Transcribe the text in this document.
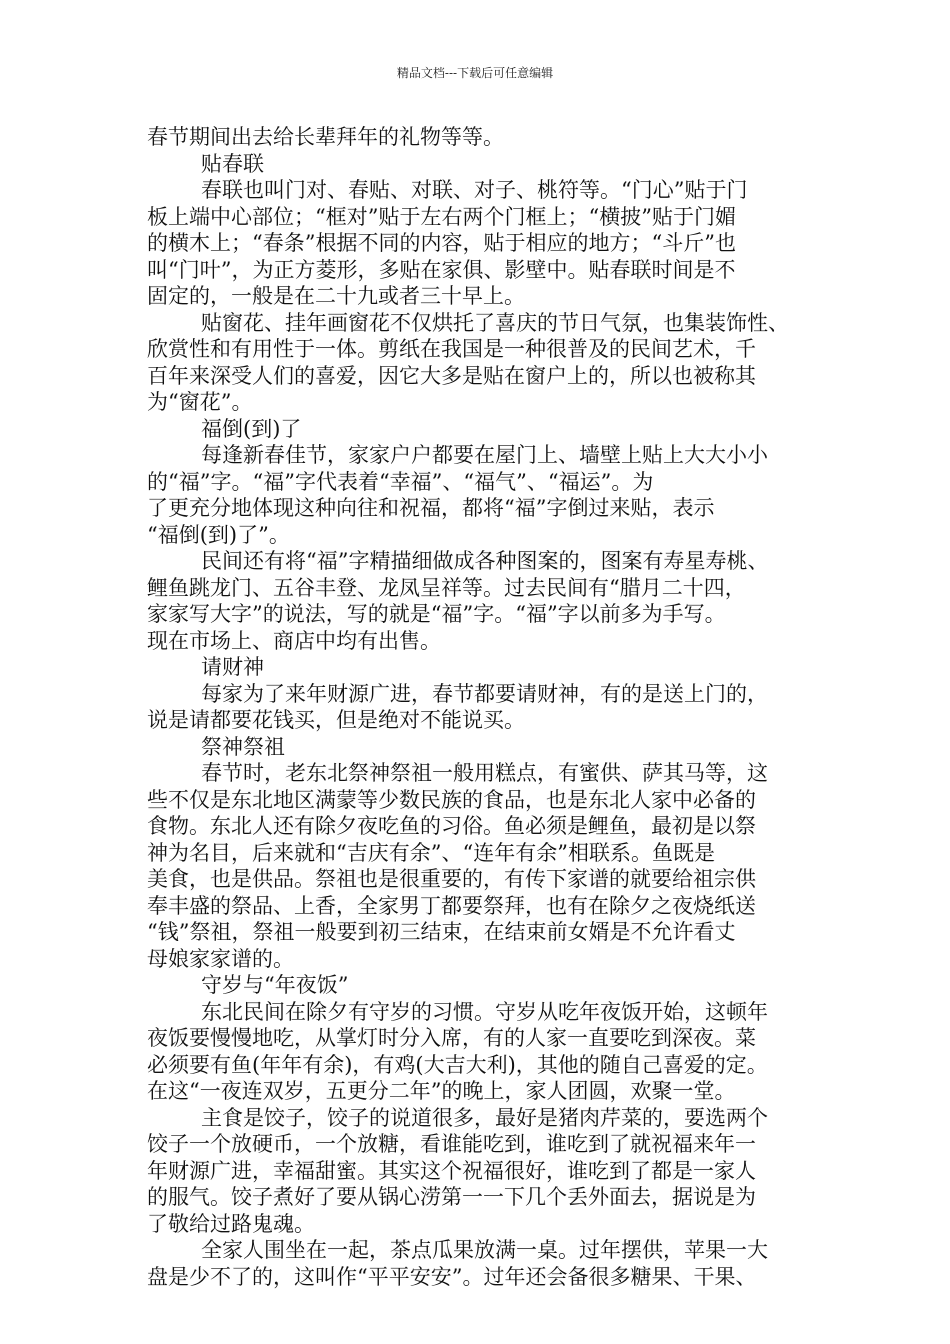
精品文档---下载后可任意编辑
春节期间出去给长辈拜年的礼物等等。
贴春联
春联也叫门对、春贴、对联、对子、桃符等。“门心”贴于门
板上端中心部位；“框对”贴于左右两个门框上；“横披”贴于门媚
的横木上；“春条”根据不同的内容，贴于相应的地方；“斗斤”也
叫“门叶”，为正方菱形，多贴在家俱、影壁中。贴春联时间是不
固定的，一般是在二十九或者三十早上。
贴窗花、挂年画窗花不仅烘托了喜庆的节日气氛，也集装饰性、
欣赏性和有用性于一体。剪纸在我国是一种很普及的民间艺术，千
百年来深受人们的喜爱，因它大多是贴在窗户上的，所以也被称其
为“窗花”。
福倒(到)了
每逢新春佳节，家家户户都要在屋门上、墙壁上贴上大大小小
的“福”字。“福”字代表着“幸福”、“福气”、“福运”。为
了更充分地体现这种向往和祝福，都将“福”字倒过来贴，表示
“福倒(到)了”。
民间还有将“福”字精描细做成各种图案的，图案有寿星寿桃、
鲤鱼跳龙门、五谷丰登、龙凤呈祥等。过去民间有“腊月二十四，
家家写大字”的说法，写的就是“福”字。“福”字以前多为手写。
现在市场上、商店中均有出售。
请财神
每家为了来年财源广进，春节都要请财神，有的是送上门的，
说是请都要花钱买，但是绝对不能说买。
祭神祭祖
春节时，老东北祭神祭祖一般用糕点，有蜜供、萨其马等，这
些不仅是东北地区满蒙等少数民族的食品，也是东北人家中必备的
食物。东北人还有除夕夜吃鱼的习俗。鱼必须是鲤鱼，最初是以祭
神为名目，后来就和“吉庆有余”、“连年有余”相联系。鱼既是
美食，也是供品。祭祖也是很重要的，有传下家谱的就要给祖宗供
奉丰盛的祭品、上香，全家男丁都要祭拜，也有在除夕之夜烧纸送
“钱”祭祖，祭祖一般要到初三结束，在结束前女婿是不允许看丈
母娘家家谱的。
守岁与“年夜饭”
东北民间在除夕有守岁的习惯。守岁从吃年夜饭开始，这顿年
夜饭要慢慢地吃，从掌灯时分入席，有的人家一直要吃到深夜。菜
必须要有鱼(年年有余)，有鸡(大吉大利)，其他的随自己喜爱的定。
在这“一夜连双岁，五更分二年”的晚上，家人团圆，欢聚一堂。
主食是饺子，饺子的说道很多，最好是猪肉芹菜的，要选两个
饺子一个放硬币，一个放糖，看谁能吃到，谁吃到了就祝福来年一
年财源广进，幸福甜蜜。其实这个祝福很好，谁吃到了都是一家人
的服气。饺子煮好了要从锅心涝第一一下几个丢外面去，据说是为
了敬给过路鬼魂。
全家人围坐在一起，茶点瓜果放满一桌。过年摆供，苹果一大
盘是少不了的，这叫作“平平安安”。过年还会备很多糖果、干果、
